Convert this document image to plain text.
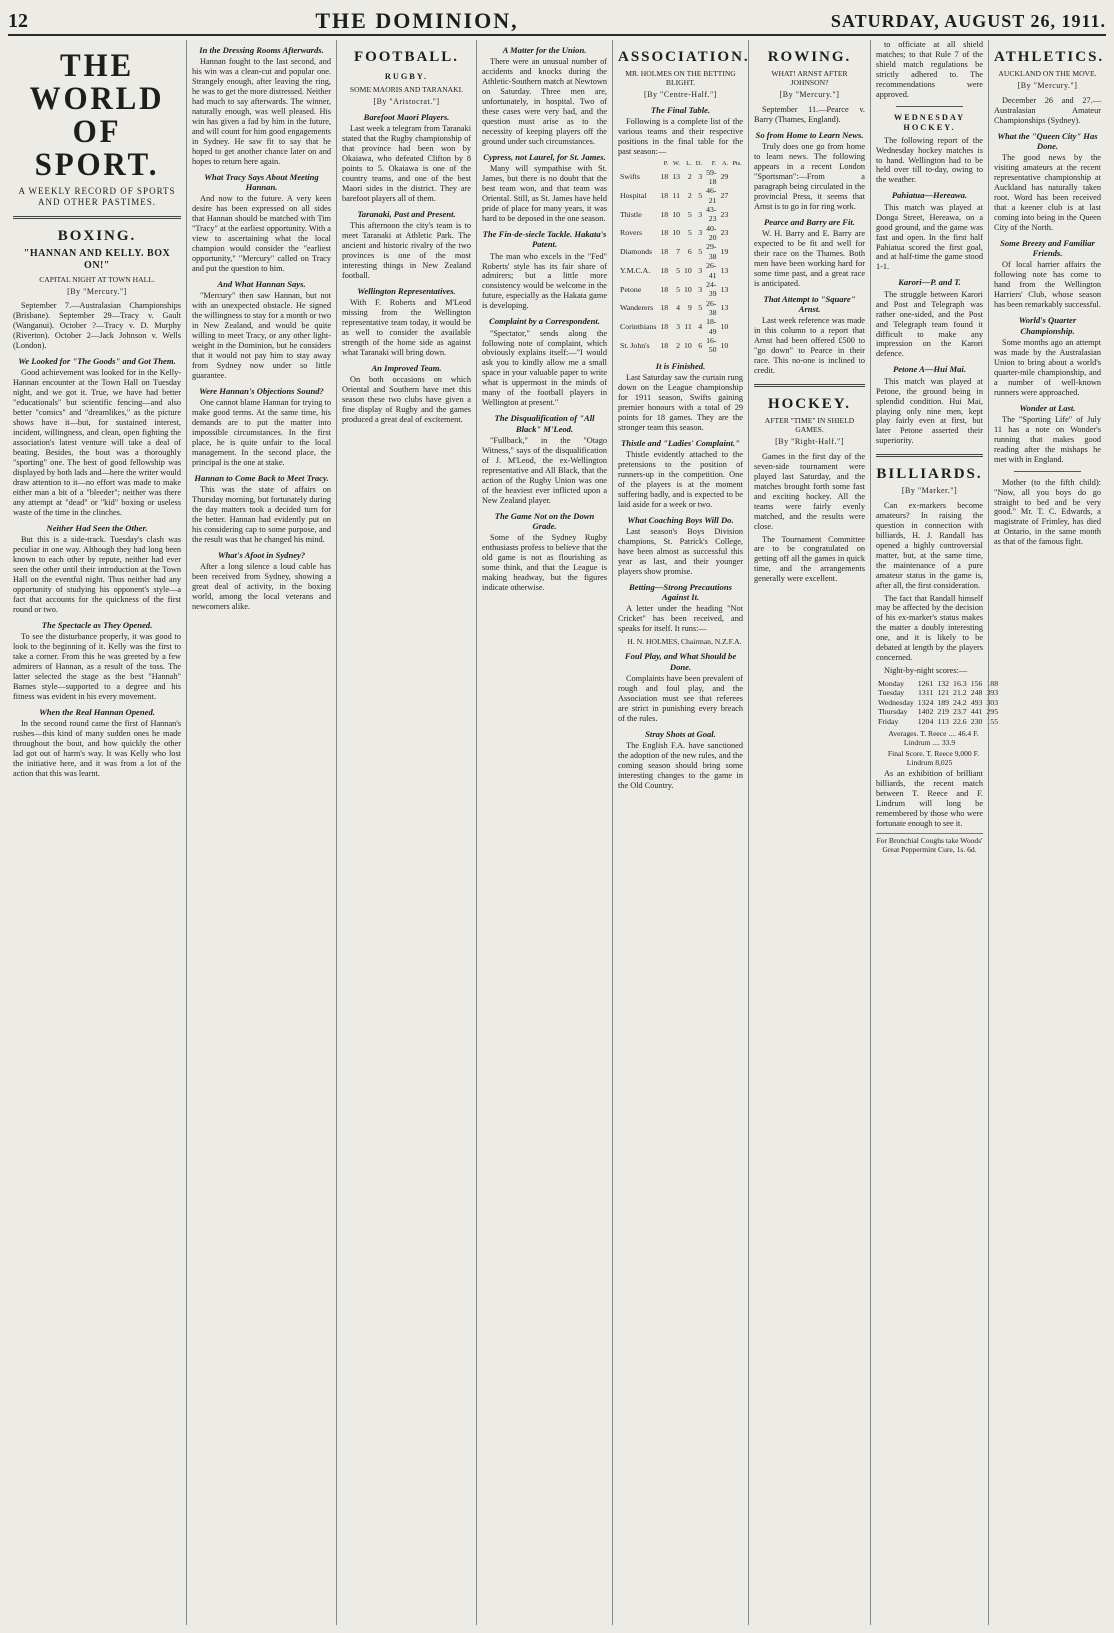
12	THE DOMINION,	SATURDAY, AUGUST 26, 1911.
THE WORLD OF SPORT.
A WEEKLY RECORD OF SPORTS AND OTHER PASTIMES.
BOXING.
"HANNAN AND KELLY. BOX ON!"
CAPITAL NIGHT AT TOWN HALL.
[By "Mercury."]

September 7.—Australasian Championships (Brisbane). September 29—Tracy v. Gault (Wanganui). October ?—Tracy v. D. Murphy (Riverton). October 2—Jack Johnson v. Wells (London).

We Looked for "The Goods" and Got Them.

Good achievement was looked for in the Kelly-Hannan encounter at the Town Hall on Tuesday night, and we got it. True, we have had better "educationals" but scientific fencing—and also better "comics" and "dreamlikes," as the picture shows have it—but, for sustained interest, incident, willingness, and clean, open fighting the association's latest venture will take a deal of beating. Besides, the bout was a thoroughly "sporting" one. The best of good fellowship was displayed by both lads and—here the writer would draw attention to it—no effort was made to make either man a bit of a "bleeder"; neither was there any attempt at "dead" or "kid" boxing or useless waste of the time in the clinches.

Neither Had Seen the Other.

But this is a side-track. Tuesday's clash was peculiar in one way. Although they had long been known to each other by repute, neither had ever seen the other until their introduction at the Town Hall on the eventful night. Thus neither had any opportunity of studying his opponent's style—a fact that accounts for the quickness of the first round or two.

The Spectacle as They Opened.

To see the disturbance properly, it was good to look to the beginning of it. Kelly was the first to take a corner. From this he was greeted by a few admirers of Hannan, as a result of the toss. The latter selected the stage as the best "Hannah" Barnes style—supported to a degree and his fitness was evident in his every movement.

When the Real Hannan Opened.

In the second round came the first of Hannan's rushes—this kind of many sudden ones he made throughout the bout, and how quickly the other lad got out of harm's way. It was Kelly who lost the initiative here, and it was from a lot of the action that this was learnt.

In the Dressing Rooms Afterwards.

Hannan fought to the last second, and his win was a clean-cut and popular one. Strangely enough, after leaving the ring, he was to get the more distressed. Neither had much to say afterwards. The winner, naturally enough, was well pleased. His win has given a fad by him in the future, and will count for him good engagements in Sydney. He saw fit to say that he hoped to get another chance later on and hopes to return here again.

What Tracy Says About Meeting Hannan.

And now to the future. A very keen desire has been expressed on all sides that Hannan should be matched with Tim "Tracy" at the earliest opportunity. With a view to ascertaining what the local champion would consider the "earliest opportunity," "Mercury" called on Tracy and put the question to him.

And What Hannan Says.

"Mercury" then saw Hannan, but not with an unexpected obstacle. He signed the willingness to stay for a month or two in New Zealand, and would be quite willing to meet Tracy, or any other light-weight in the Dominion, but he considers that it would not pay him to stay away from Sydney now under so little guarantee.

Were Hannan's Objections Sound?

One cannot blame Hannan for trying to make good terms. At the same time, his demands are to put the matter into impossible circumstances. In the first place, he is quite unfair to the local management. In the second place, the principal is the one at stake.

Hannan to Come Back to Meet Tracy.

This was the state of affairs on Thursday morning, but fortunately during the day matters took a decided turn for the better. Hannan had evidently put on his considering cap to some purpose, and the result was that he changed his mind.

What's Afoot in Sydney?

After a long silence a loud cable has been received from Sydney, showing a great deal of activity, in the boxing world, among the local veterans and newcomers alike.

FOOTBALL.
RUGBY.
SOME MAORIS AND TARANAKI.
[By "Aristocrat."]
Barefoot Maori Players.

Last week a telegram from Taranaki stated that the Rugby championship of that province had been won by Okaiawa, who defeated Clifton by 8 points to 5. Okaiawa is one of the country teams, and one of the best Maori sides in the district. They are barefoot players all of them.

Taranaki, Past and Present.

This afternoon the city's team is to meet Taranaki at Athletic Park. The ancient and historic rivalry of the two provinces is one of the most interesting things in New Zealand football.

Wellington Representatives.

With F. Roberts and M'Leod missing from the Wellington representative team today, it would be as well to consider the available strength of the home side as against what Taranaki will bring down.

An Improved Team.

On both occasions on which Oriental and Southern have met this season these two clubs have given a fine display of Rugby and the games produced a great deal of excitement.

A Matter for the Union.

There were an unusual number of accidents and knocks during the Athletic-Southern match at Newtown on Saturday. Three men are, unfortunately, in hospital. Two of these cases were very bad, and the question must arise as to the necessity of keeping players off the ground under such circumstances.

Cypress, not Laurel, for St. James.

Many will sympathise with St. James, but there is no doubt that the best team won, and that team was Oriental. Still, as St. James have held pride of place for many years, it was hard to be deposed in the one season.

The Fin-de-siecle Tackle. Hakata's Patent.

The man who excels in the "Fed" Roberts' style has its fair share of admirers; but a little more consistency would be welcome in the future, especially as the Hakata game is developing.

Complaint by a Correspondent.

"Spectator," sends along the following note of complaint, which obviously explains itself:—"I would ask you to kindly allow me a small space in your valuable paper to write what is uppermost in the minds of many of the football players in Wellington at present."

The Disqualification of "All Black" M'Leod.

"Fullback," in the "Otago Witness," says of the disqualification of J. M'Leod, the ex-Wellington representative and All Black, that the action of the Rugby Union was one of the heaviest ever inflicted upon a New Zealand player.

The Game Not on the Down Grade.

Some of the Sydney Rugby enthusiasts profess to believe that the old game is not as flourishing as some think, and that the League is making headway, but the figures indicate otherwise.

ASSOCIATION.
MR. HOLMES ON THE BETTING BLIGHT.
[By "Centre-Half."]
The Final Table.

Following is a complete list of the various teams and their respective positions in the final table for the past season:—

	P.	W.	L.	D.	F.	A.	Pts.
Swifts	18	13	2	3	59-18	29	
Hospital	18	11	2	5	46-21	27	
Thistle	18	10	5	3	43-23	23	
Rovers	18	10	5	3	40-20	23	
Diamonds	18	7	6	5	29-38	19	
Y.M.C.A.	18	5	10	3	26-41	13	
Petone	18	5	10	3	24-39	13	
Wanderers	18	4	9	5	26-38	13	
Corinthians	18	3	11	4	18-49	10	
St. John's	18	2	10	6	16-50	10	
It is Finished.

Last Saturday saw the curtain rung down on the League championship for 1911 season, Swifts gaining premier honours with a total of 29 points for 18 games. They are the stronger team this season.

Thistle and "Ladies' Complaint."

Thistle evidently attached to the pretensions to the position of runners-up in the competition. One of the players is at the moment suffering badly, and is expected to be laid aside for a week or two.

What Coaching Boys Will Do.

Last season's Boys Division champions, St. Patrick's College, have been almost as successful this year as last, and their younger players show promise.

Betting—Strong Precautions Against It.

A letter under the heading "Not Cricket" has been received, and speaks for itself. It runs:—

H. N. HOLMES, Chairman, N.Z.F.A.

Foul Play, and What Should be Done.

Complaints have been prevalent of rough and foul play, and the Association must see that referees are strict in punishing every breach of the rules.

Stray Shots at Goal.

The English F.A. have sanctioned the adoption of the new rules, and the coming season should bring some interesting changes to the game in the Old Country.

ROWING.
WHAT! ARNST AFTER JOHNSON?
[By "Mercury."]

September 11.—Pearce v. Barry (Thames, England).

So from Home to Learn News.

Truly does one go from home to learn news. The following appears in a recent London "Sportsman":—From a paragraph being circulated in the provincial Press, it seems that Arnst is to go in for ring work.

Pearce and Barry are Fit.

W. H. Barry and E. Barry are expected to be fit and well for their race on the Thames. Both men have been working hard for some time past, and a great race is anticipated.

That Attempt to "Square" Arnst.

Last week reference was made in this column to a report that Arnst had been offered £500 to "go down" to Pearce in their race. This no-one is inclined to credit.

HOCKEY.
AFTER "TIME" IN SHIELD GAMES.
[By "Right-Half."]

Games in the first day of the seven-side tournament were played last Saturday, and the matches brought forth some fast and exciting hockey. All the teams were fairly evenly matched, and the results were close.

The Tournament Committee are to be congratulated on getting off all the games in quick time, and the arrangements generally were excellent.

to officiate at all shield matches; to that Rule 7 of the shield match regulations be strictly adhered to. The recommendations were approved.

WEDNESDAY HOCKEY.

The following report of the Wednesday hockey matches is to hand. Wellington had to be held over till to-day, owing to the weather.

Pahiatua—Hereawa.

This match was played at Donga Street, Hereawa, on a good ground, and the game was fast and open. In the first half Pahiatua scored the first goal, and at half-time the game stood 1-1.

Karori—P. and T.

The struggle between Karori and Post and Telegraph was rather one-sided, and the Post and Telegraph team found it difficult to make any impression on the Karori defence.

Petone A—Hui Mai.

This match was played at Petone, the ground being in splendid condition. Hui Mai, playing only nine men, kept play fairly even at first, but later Petone asserted their superiority.

BILLIARDS.
[By "Marker."]

Can ex-markers become amateurs? In raising the question in connection with billiards, H. J. Randall has opened a highly controversial matter, but, at the same time, the maintenance of a pure amateur status in the game is, after all, the first consideration.

The fact that Randall himself may be affected by the decision of his ex-marker's status makes the matter a doubly interesting one, and it is likely to be debated at length by the players concerned.

Night-by-night scores:—

Monday	1261	132	16.3	156	188
Tuesday	1311	121	21.2	248	393
Wednesday	1324	189	24.2	493	303
Thursday	1402	219	23.7	441	295
Friday	1204	113	22.6	230	155

Averages. T. Reece .... 46.4 F. Lindrum .... 33.9

Final Score. T. Reece 9,000 F. Lindrum 8,025

As an exhibition of brilliant billiards, the recent match between T. Reece and F. Lindrum will long be remembered by those who were fortunate enough to see it.

For Bronchial Coughs take Woods' Great Peppermint Cure, 1s. 6d.
ATHLETICS.
AUCKLAND ON THE MOVE.
[By "Mercury."]

December 26 and 27.—Australasian Amateur Championships (Sydney).

What the "Queen City" Has Done.

The good news by the visiting amateurs at the recent representative championship at Auckland has naturally taken root. Word has been received that a keener club is at last coming into being in the Queen City of the North.

Some Breezy and Familiar Friends.

Of local harrier affairs the following note has come to hand from the Wellington Harriers' Club, whose season has been remarkably successful.

World's Quarter Championship.

Some months ago an attempt was made by the Australasian Union to bring about a world's quarter-mile championship, and a number of well-known runners were approached.

Wonder at Last.

The "Sporting Life" of July 11 has a note on Wonder's running that makes good reading after the mishaps he met with in England.

Mother (to the fifth child): "Now, all you boys do go straight to bed and be very good." Mr. T. C. Edwards, a magistrate of Frimley, has died at Ontario, in the same month as that of the famous fight.
